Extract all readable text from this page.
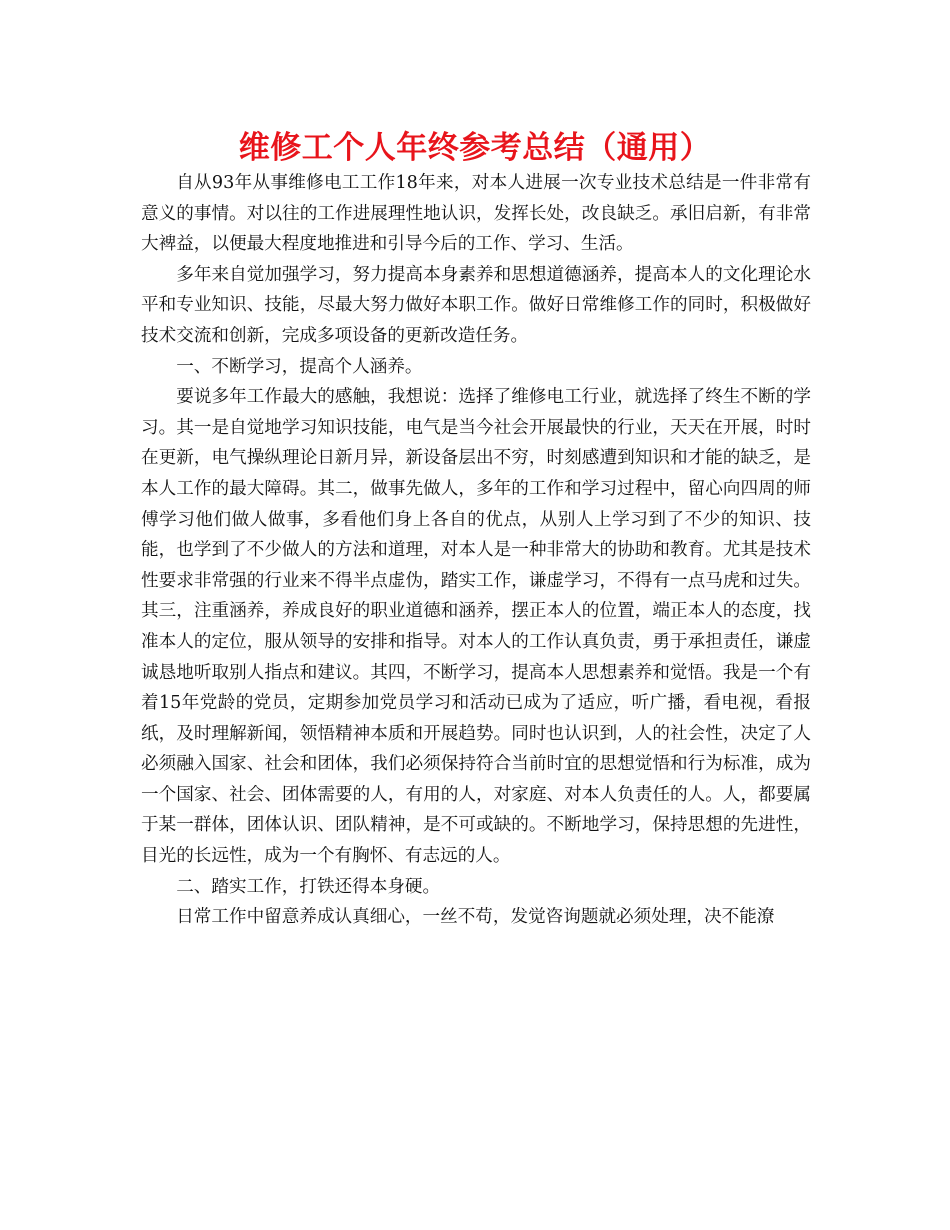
维修工个人年终参考总结（通用）

自从93年从事维修电工工作18年来，对本人进展一次专业技术总结是一件非常有意义的事情。对以往的工作进展理性地认识，发挥长处，改良缺乏。承旧启新，有非常大裨益，以便最大程度地推进和引导今后的工作、学习、生活。

多年来自觉加强学习，努力提高本身素养和思想道德涵养，提高本人的文化理论水平和专业知识、技能，尽最大努力做好本职工作。做好日常维修工作的同时，积极做好技术交流和创新，完成多项设备的更新改造任务。

一、不断学习，提高个人涵养。

要说多年工作最大的感触，我想说：选择了维修电工行业，就选择了终生不断的学习。其一是自觉地学习知识技能，电气是当今社会开展最快的行业，天天在开展，时时在更新，电气操纵理论日新月异，新设备层出不穷，时刻感遭到知识和才能的缺乏，是本人工作的最大障碍。其二，做事先做人，多年的工作和学习过程中，留心向四周的师傅学习他们做人做事，多看他们身上各自的优点，从别人上学习到了不少的知识、技能，也学到了不少做人的方法和道理，对本人是一种非常大的协助和教育。尤其是技术性要求非常强的行业来不得半点虚伪，踏实工作，谦虚学习，不得有一点马虎和过失。其三，注重涵养，养成良好的职业道德和涵养，摆正本人的位置，端正本人的态度，找准本人的定位，服从领导的安排和指导。对本人的工作认真负责，勇于承担责任，谦虚诚恳地听取别人指点和建议。其四，不断学习，提高本人思想素养和觉悟。我是一个有着15年党龄的党员，定期参加党员学习和活动已成为了适应，听广播，看电视，看报纸，及时理解新闻，领悟精神本质和开展趋势。同时也认识到，人的社会性，决定了人必须融入国家、社会和团体，我们必须保持符合当前时宜的思想觉悟和行为标准，成为一个国家、社会、团体需要的人，有用的人，对家庭、对本人负责任的人。人，都要属于某一群体，团体认识、团队精神，是不可或缺的。不断地学习，保持思想的先进性，目光的长远性，成为一个有胸怀、有志远的人。

二、踏实工作，打铁还得本身硬。

日常工作中留意养成认真细心，一丝不苟，发觉咨询题就必须处理，决不能潦
